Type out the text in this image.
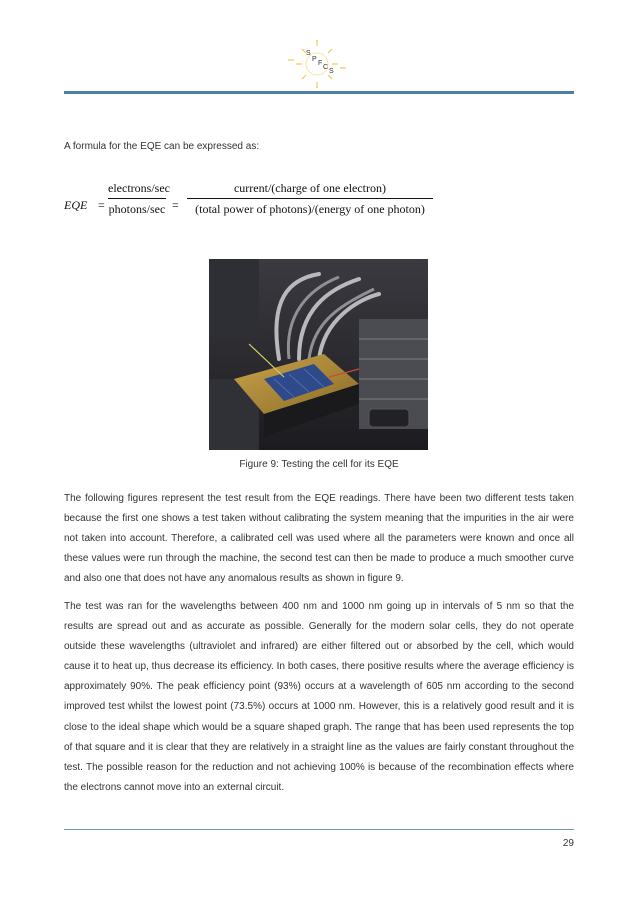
S
P
F
C
S
A formula for the EQE can be expressed as:
EQE =
electrons/sec
photons/sec =
current/(charge of one electron)
(total power of photons)/(energy of one photon)
Figure 9: Testing the cell for its EQE

The following figures represent the test result from the EQE readings. There have been two different tests taken because the first one shows a test taken without calibrating the system meaning that the impurities in the air were not taken into account. Therefore, a calibrated cell was used where all the parameters were known and once all these values were run through the machine, the second test can then be made to produce a much smoother curve and also one that does not have any anomalous results as shown in figure 9.

The test was ran for the wavelengths between 400 nm and 1000 nm going up in intervals of 5 nm so that the results are spread out and as accurate as possible. Generally for the modern solar cells, they do not operate outside these wavelengths (ultraviolet and infrared) are either filtered out or absorbed by the cell, which would cause it to heat up, thus decrease its efficiency. In both cases, there positive results where the average efficiency is approximately 90%. The peak efficiency point (93%) occurs at a wavelength of 605 nm according to the second improved test whilst the lowest point (73.5%) occurs at 1000 nm. However, this is a relatively good result and it is close to the ideal shape which would be a square shaped graph. The range that has been used represents the top of that square and it is clear that they are relatively in a straight line as the values are fairly constant throughout the test. The possible reason for the reduction and not achieving 100% is because of the recombination effects where the electrons cannot move into an external circuit.

29
